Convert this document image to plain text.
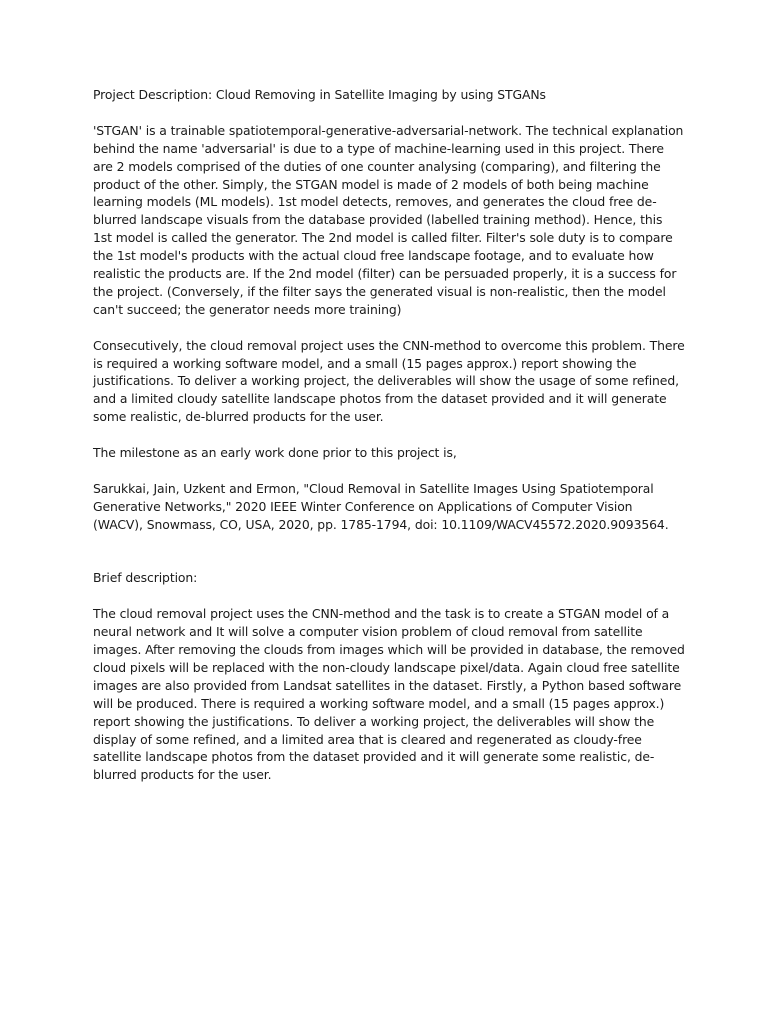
Project Description: Cloud Removing in Satellite Imaging by using STGANs

'STGAN' is a trainable spatiotemporal-generative-adversarial-network. The technical explanation behind the name 'adversarial' is due to a type of machine-learning used in this project. There are 2 models comprised of the duties of one counter analysing (comparing), and filtering the product of the other. Simply, the STGAN model is made of 2 models of both being machine learning models (ML models). 1st model detects, removes, and generates the cloud free de-blurred landscape visuals from the database provided (labelled training method). Hence, this 1st model is called the generator. The 2nd model is called filter. Filter's sole duty is to compare the 1st model's products with the actual cloud free landscape footage, and to evaluate how realistic the products are. If the 2nd model (filter) can be persuaded properly, it is a success for the project. (Conversely, if the filter says the generated visual is non-realistic, then the model can't succeed; the generator needs more training)

Consecutively, the cloud removal project uses the CNN-method to overcome this problem. There is required a working software model, and a small (15 pages approx.) report showing the justifications. To deliver a working project, the deliverables will show the usage of some refined, and a limited cloudy satellite landscape photos from the dataset provided and it will generate some realistic, de-blurred products for the user.

The milestone as an early work done prior to this project is,

Sarukkai, Jain, Uzkent and Ermon, "Cloud Removal in Satellite Images Using Spatiotemporal Generative Networks," 2020 IEEE Winter Conference on Applications of Computer Vision (WACV), Snowmass, CO, USA, 2020, pp. 1785-1794, doi: 10.1109/WACV45572.2020.9093564.

Brief description:

The cloud removal project uses the CNN-method and the task is to create a STGAN model of a neural network and It will solve a computer vision problem of cloud removal from satellite images. After removing the clouds from images which will be provided in database, the removed cloud pixels will be replaced with the non-cloudy landscape pixel/data. Again cloud free satellite images are also provided from Landsat satellites in the dataset. Firstly, a Python based software will be produced. There is required a working software model, and a small (15 pages approx.) report showing the justifications. To deliver a working project, the deliverables will show the display of some refined, and a limited area that is cleared and regenerated as cloudy-free satellite landscape photos from the dataset provided and it will generate some realistic, de-blurred products for the user.
